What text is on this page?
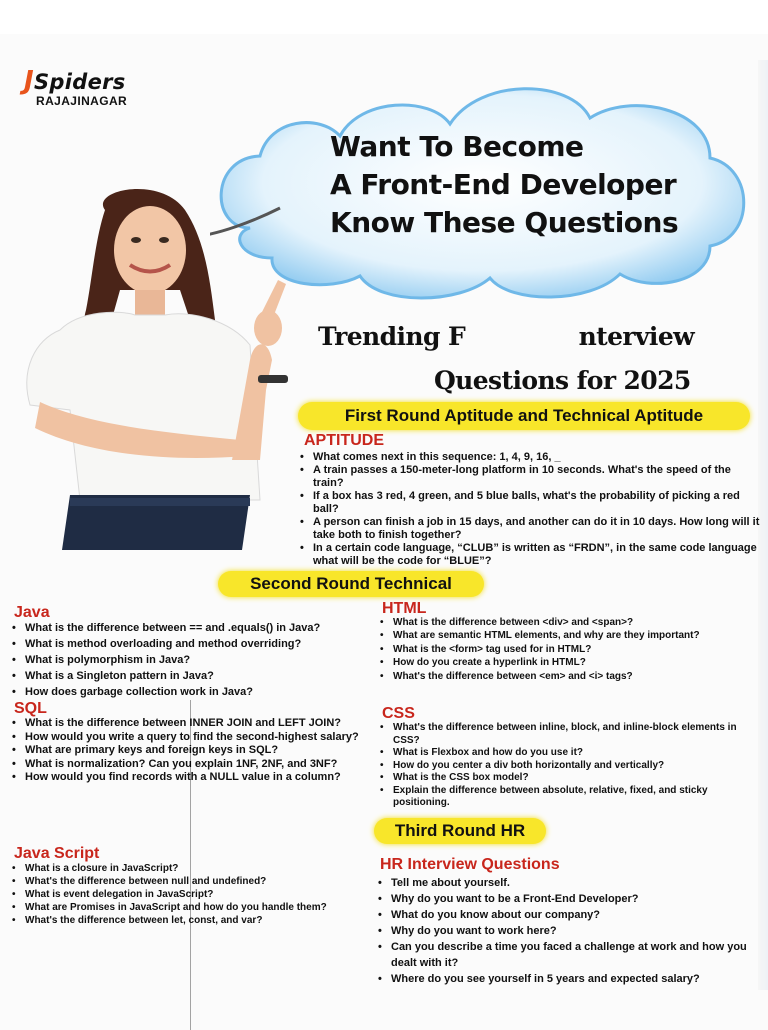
JSpiders
RAJAJINAGAR
Want To Become
A Front-End Developer
Know These Questions
Trending F	nterview
Questions for 2025
First Round Aptitude and Technical Aptitude
Second Round Technical
Third Round HR
APTITUDE
• What comes next in this sequence: 1, 4, 9, 16, _
• A train passes a 150-meter-long platform in 10 seconds. What's the speed of the train?
• If a box has 3 red, 4 green, and 5 blue balls, what's the probability of picking a red ball?
• A person can finish a job in 15 days, and another can do it in 10 days. How long will it take both to finish together?
• In a certain code language, “CLUB” is written as “FRDN”, in the same code language what will be the code for “BLUE”?
Java
• What is the difference between == and .equals() in Java?
• What is method overloading and method overriding?
• What is polymorphism in Java?
• What is a Singleton pattern in Java?
• How does garbage collection work in Java?
SQL
• What is the difference between INNER JOIN and LEFT JOIN?
• How would you write a query to find the second-highest salary?
• What are primary keys and foreign keys in SQL?
• What is normalization? Can you explain 1NF, 2NF, and 3NF?
• How would you find records with a NULL value in a column?
Java Script
• What is a closure in JavaScript?
• What's the difference between null and undefined?
• What is event delegation in JavaScript?
• What are Promises in JavaScript and how do you handle them?
• What's the difference between let, const, and var?
HTML
• What is the difference between <div> and <span>?
• What are semantic HTML elements, and why are they important?
• What is the <form> tag used for in HTML?
• How do you create a hyperlink in HTML?
• What's the difference between <em> and <i> tags?
CSS
• What's the difference between inline, block, and inline-block elements in CSS?
• What is Flexbox and how do you use it?
• How do you center a div both horizontally and vertically?
• What is the CSS box model?
• Explain the difference between absolute, relative, fixed, and sticky positioning.
HR Interview Questions
• Tell me about yourself.
• Why do you want to be a Front-End Developer?
• What do you know about our company?
• Why do you want to work here?
• Can you describe a time you faced a challenge at work and how you dealt with it?
• Where do you see yourself in 5 years and expected salary?
